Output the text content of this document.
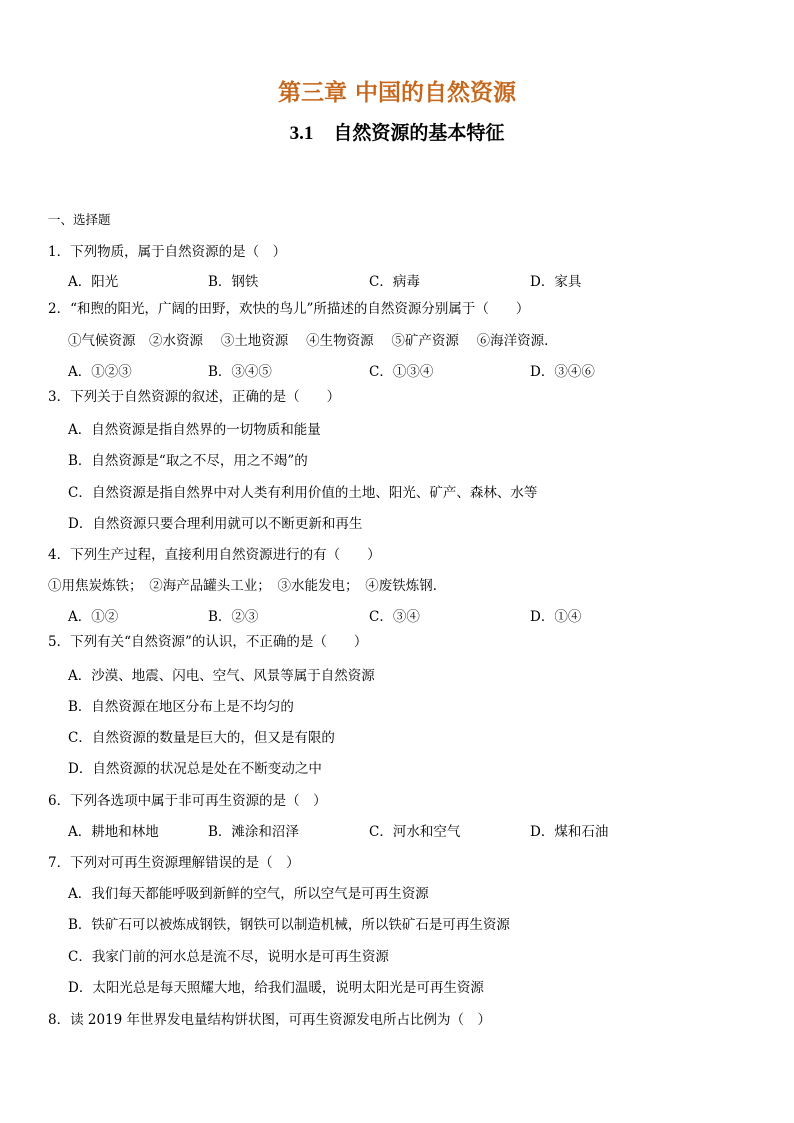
第三章 中国的自然资源
3.1 自然资源的基本特征
一、选择题
1．下列物质，属于自然资源的是（　）
A．阳光	B．钢铁	C．病毒	D．家具
2．“和煦的阳光，广阔的田野，欢快的鸟儿”所描述的自然资源分别属于（　　）
①气候资源　②水资源　 ③土地资源　 ④生物资源　 ⑤矿产资源　 ⑥海洋资源．
A．①②③	B．③④⑤	C．①③④	D．③④⑥
3．下列关于自然资源的叙述，正确的是（　　）
A．自然资源是指自然界的一切物质和能量
B．自然资源是“取之不尽，用之不竭”的
C．自然资源是指自然界中对人类有利用价值的土地、阳光、矿产、森林、水等
D．自然资源只要合理利用就可以不断更新和再生
4．下列生产过程，直接利用自然资源进行的有（　　）
①用焦炭炼铁；　②海产品罐头工业；　③水能发电；　④废铁炼钢．
A．①②	B．②③	C．③④	D．①④
5．下列有关“自然资源”的认识，不正确的是（　　）
A．沙漠、地震、闪电、空气、风景等属于自然资源
B．自然资源在地区分布上是不均匀的
C．自然资源的数量是巨大的，但又是有限的
D．自然资源的状况总是处在不断变动之中
6．下列各选项中属于非可再生资源的是（　）
A．耕地和林地	B．滩涂和沼泽	C．河水和空气	D．煤和石油
7．下列对可再生资源理解错误的是（　）
A．我们每天都能呼吸到新鲜的空气，所以空气是可再生资源
B．铁矿石可以被炼成钢铁，钢铁可以制造机械，所以铁矿石是可再生资源
C．我家门前的河水总是流不尽，说明水是可再生资源
D．太阳光总是每天照耀大地，给我们温暖，说明太阳光是可再生资源
8．读 2019 年世界发电量结构饼状图，可再生资源发电所占比例为（　）
